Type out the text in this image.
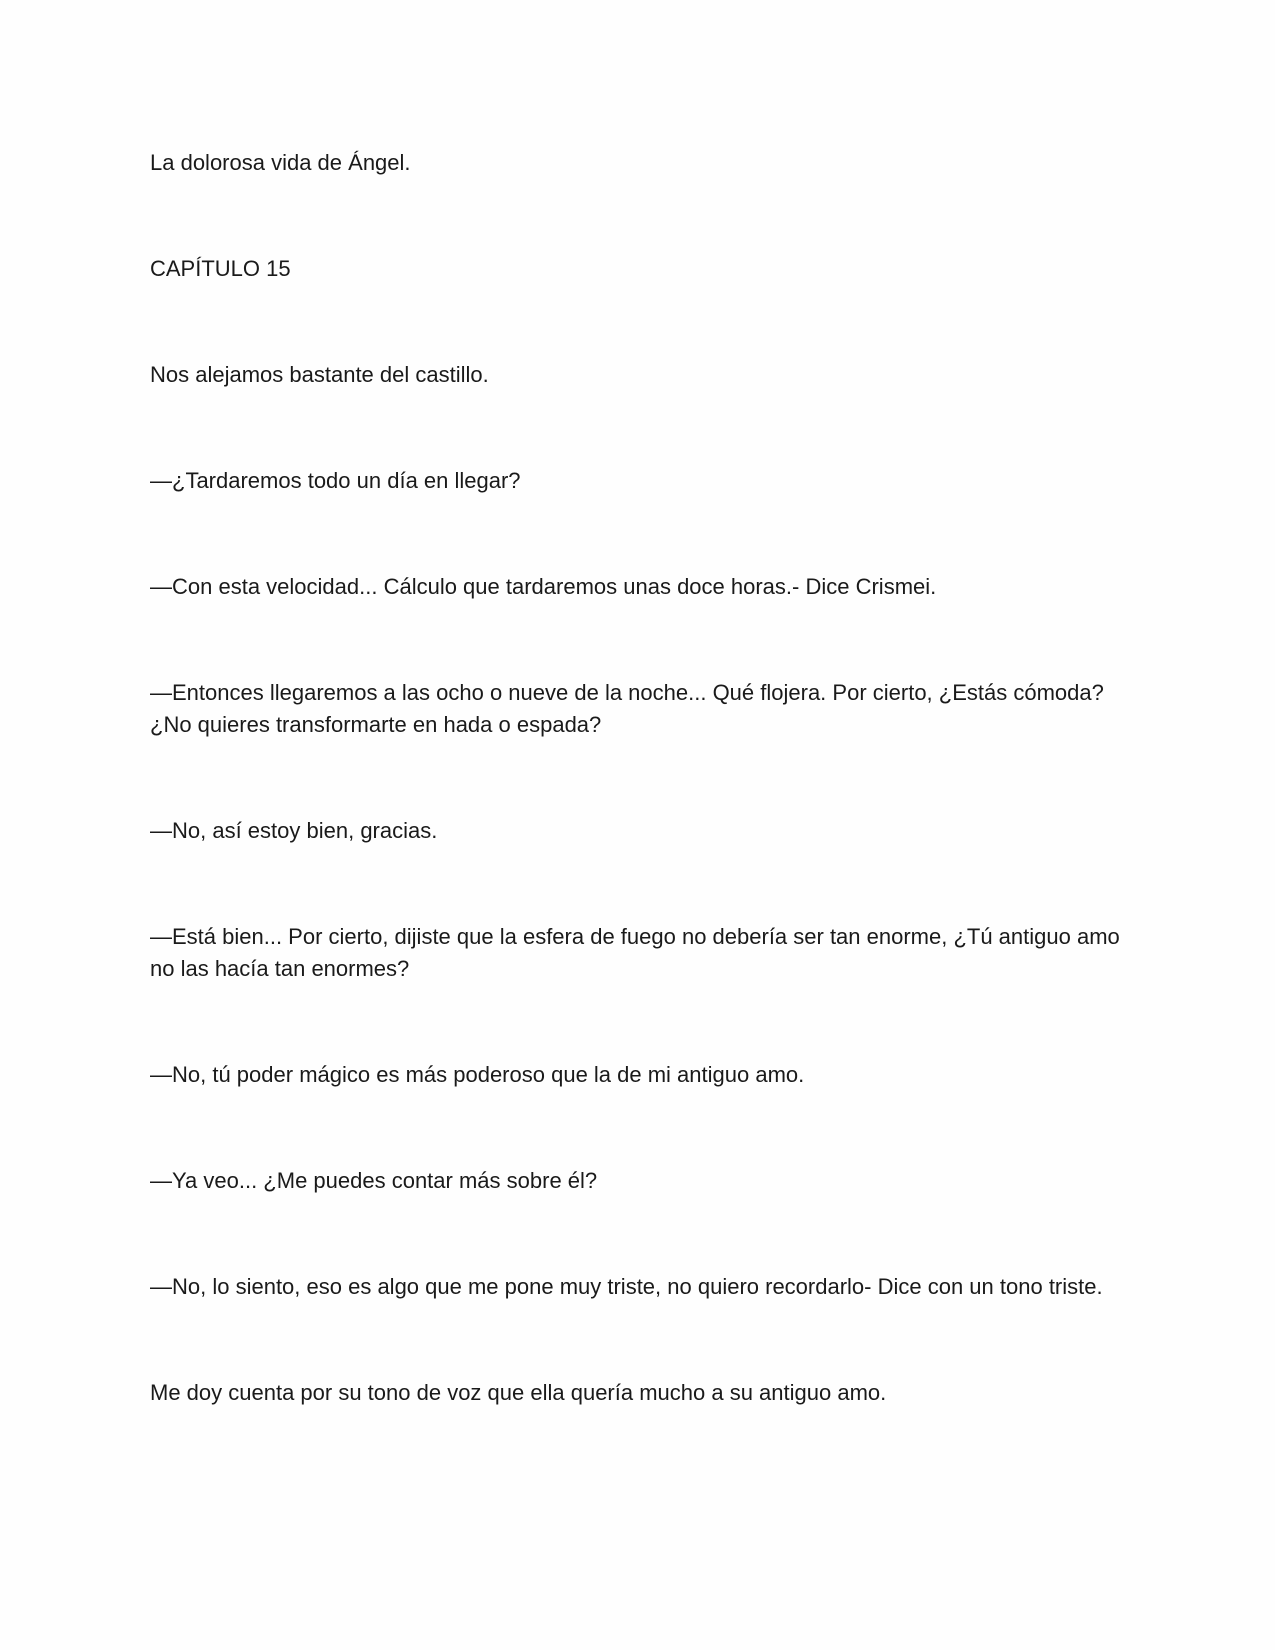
La dolorosa vida de Ángel.
CAPÍTULO 15
Nos alejamos bastante del castillo.
—¿Tardaremos todo un día en llegar?
—Con esta velocidad... Cálculo que tardaremos unas doce horas.- Dice Crismei.
—Entonces llegaremos a las ocho o nueve de la noche... Qué flojera. Por cierto, ¿Estás cómoda? ¿No quieres transformarte en hada o espada?
—No, así estoy bien, gracias.
—Está bien... Por cierto, dijiste que la esfera de fuego no debería ser tan enorme, ¿Tú antiguo amo no las hacía tan enormes?
—No, tú poder mágico es más poderoso que la de mi antiguo amo.
—Ya veo... ¿Me puedes contar más sobre él?
—No, lo siento, eso es algo que me pone muy triste, no quiero recordarlo- Dice con un tono triste.
Me doy cuenta por su tono de voz que ella quería mucho a su antiguo amo.
